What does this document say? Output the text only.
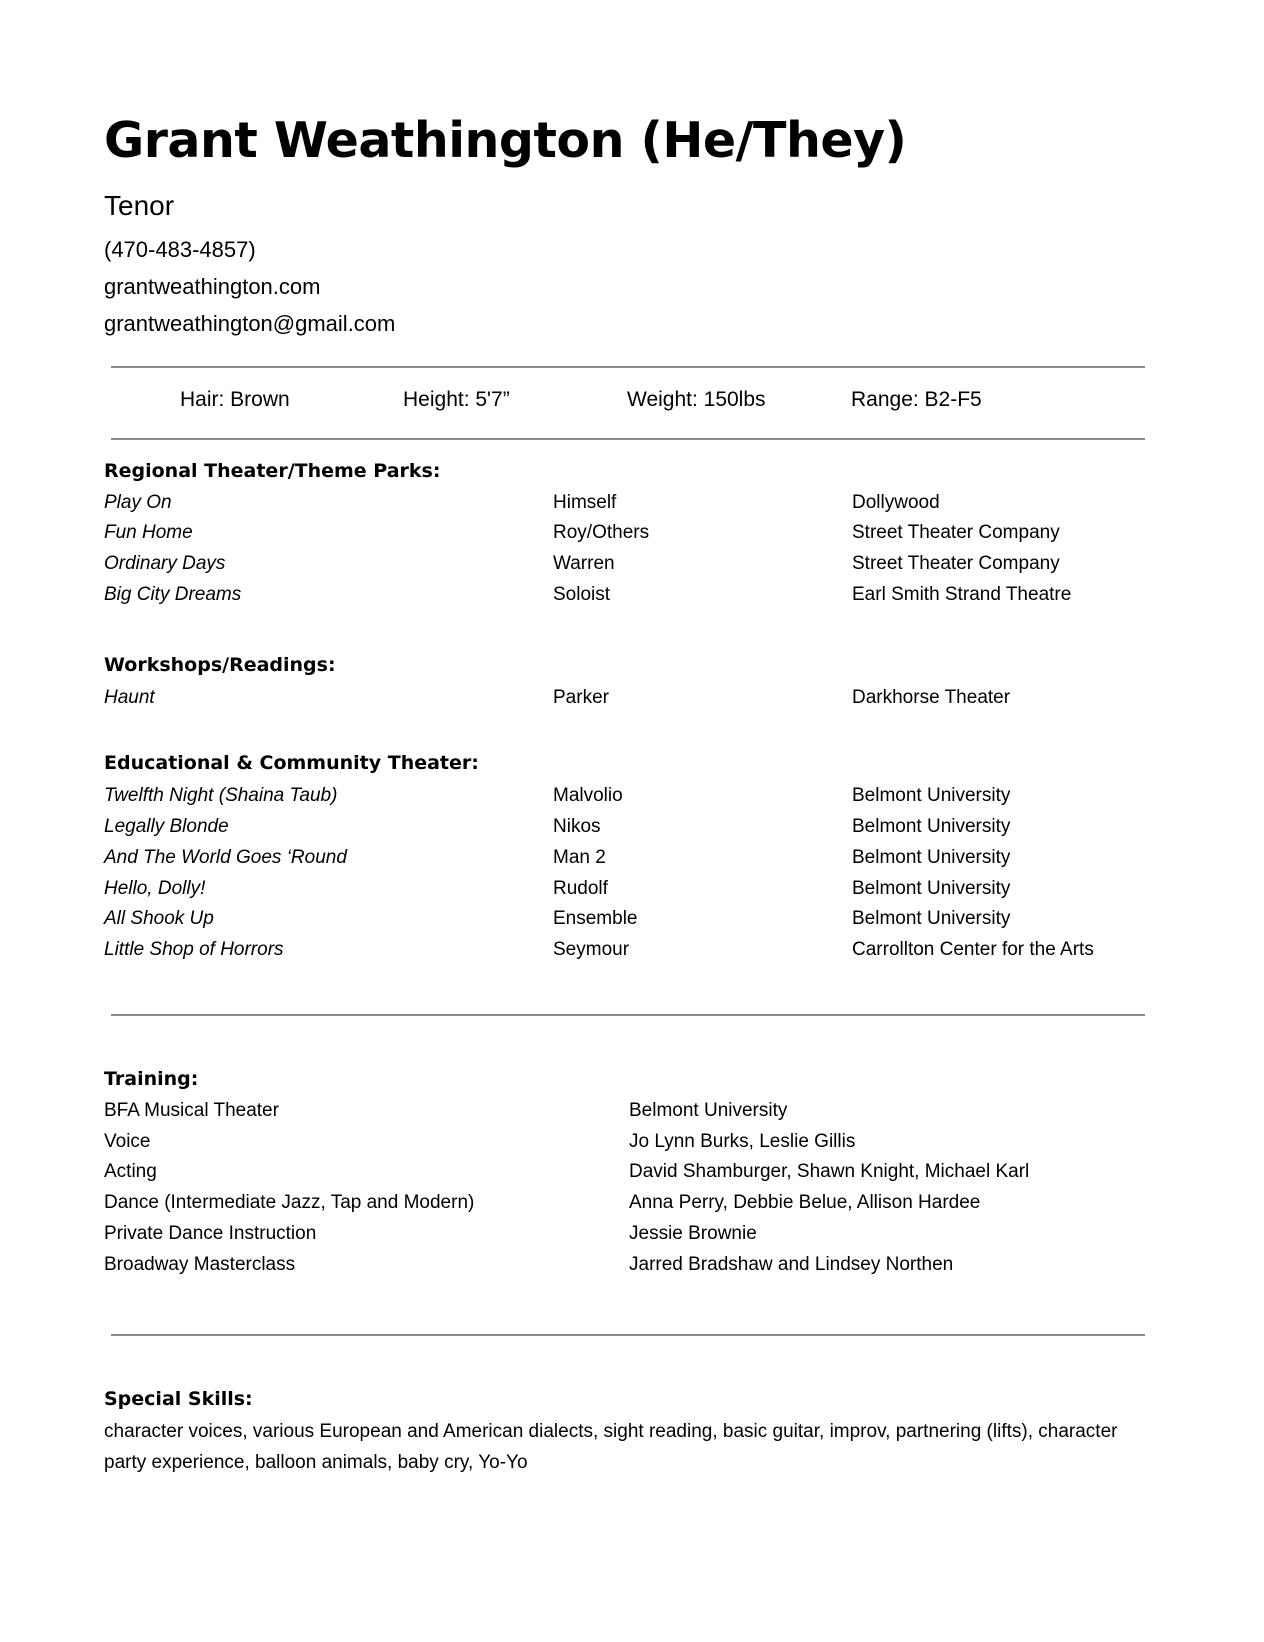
Grant Weathington (He/They)
Tenor
(470-483-4857)
grantweathington.com
grantweathington@gmail.com
Hair: Brown	Height: 5'7”	Weight: 150lbs	Range: B2-F5
Regional Theater/Theme Parks:
Play On	Himself	Dollywood
Fun Home	Roy/Others	Street Theater Company
Ordinary Days	Warren	Street Theater Company
Big City Dreams	Soloist	Earl Smith Strand Theatre
Workshops/Readings:
Haunt	Parker	Darkhorse Theater
Educational & Community Theater:
Twelfth Night (Shaina Taub)	Malvolio	Belmont University
Legally Blonde	Nikos	Belmont University
And The World Goes ‘Round	Man 2	Belmont University
Hello, Dolly!	Rudolf	Belmont University
All Shook Up	Ensemble	Belmont University
Little Shop of Horrors	Seymour	Carrollton Center for the Arts
Training:
BFA Musical Theater	Belmont University
Voice	Jo Lynn Burks, Leslie Gillis
Acting	David Shamburger, Shawn Knight, Michael Karl
Dance (Intermediate Jazz, Tap and Modern)	Anna Perry, Debbie Belue, Allison Hardee
Private Dance Instruction	Jessie Brownie
Broadway Masterclass	Jarred Bradshaw and Lindsey Northen
Special Skills:
character voices, various European and American dialects, sight reading, basic guitar, improv, partnering (lifts), character party experience, balloon animals, baby cry, Yo-Yo
